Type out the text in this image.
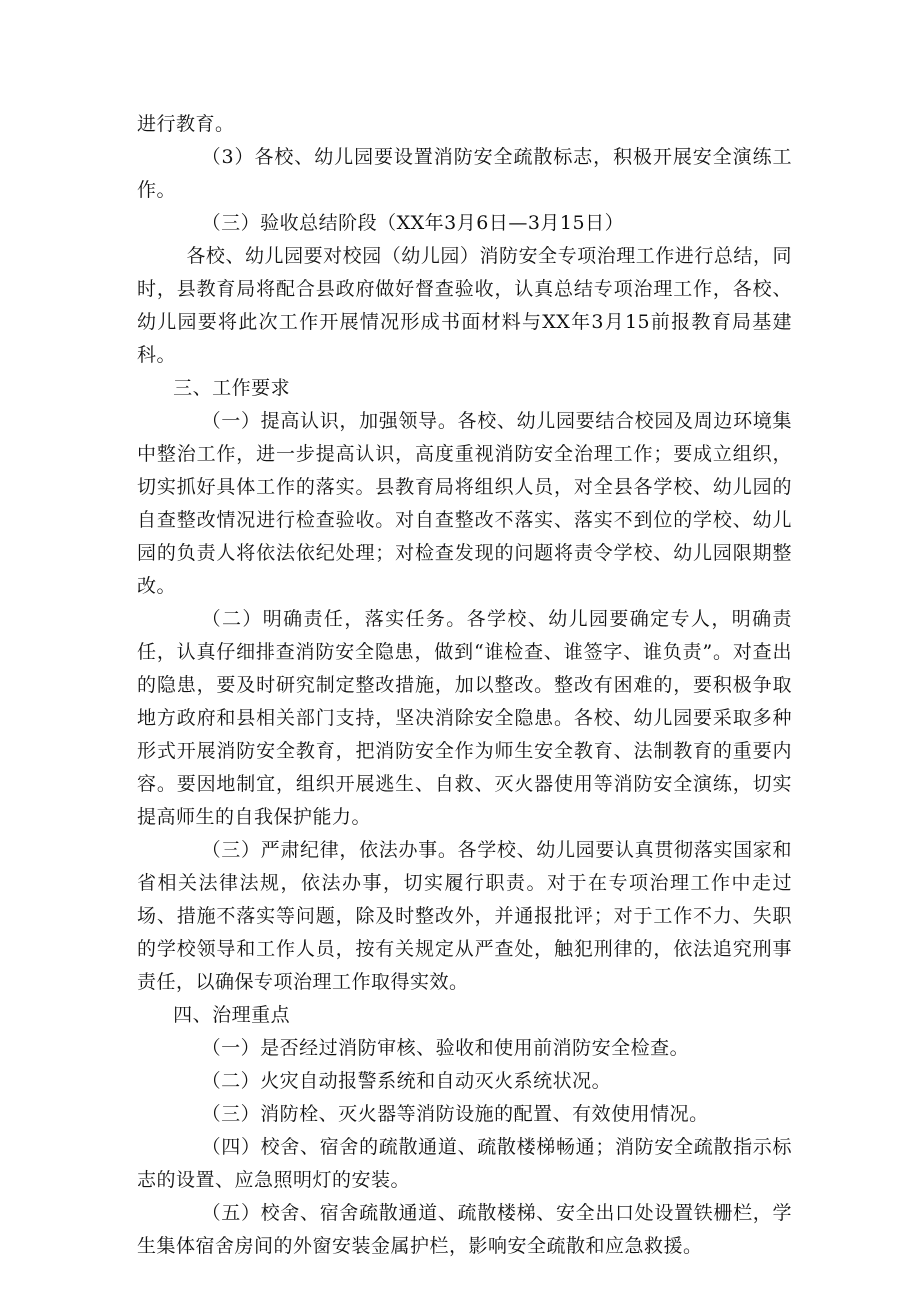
进行教育。

（3）各校、幼儿园要设置消防安全疏散标志，积极开展安全演练工作。

（三）验收总结阶段（XX年3月6日—3月15日）

各校、幼儿园要对校园（幼儿园）消防安全专项治理工作进行总结，同时，县教育局将配合县政府做好督查验收，认真总结专项治理工作，各校、幼儿园要将此次工作开展情况形成书面材料与XX年3月15前报教育局基建科。

三、工作要求

（一）提高认识，加强领导。各校、幼儿园要结合校园及周边环境集中整治工作，进一步提高认识，高度重视消防安全治理工作；要成立组织，切实抓好具体工作的落实。县教育局将组织人员，对全县各学校、幼儿园的自查整改情况进行检查验收。对自查整改不落实、落实不到位的学校、幼儿园的负责人将依法依纪处理；对检查发现的问题将责令学校、幼儿园限期整改。

（二）明确责任，落实任务。各学校、幼儿园要确定专人，明确责任，认真仔细排查消防安全隐患，做到“谁检查、谁签字、谁负责”。对查出的隐患，要及时研究制定整改措施，加以整改。整改有困难的，要积极争取地方政府和县相关部门支持，坚决消除安全隐患。各校、幼儿园要采取多种形式开展消防安全教育，把消防安全作为师生安全教育、法制教育的重要内容。要因地制宜，组织开展逃生、自救、灭火器使用等消防安全演练，切实提高师生的自我保护能力。

（三）严肃纪律，依法办事。各学校、幼儿园要认真贯彻落实国家和省相关法律法规，依法办事，切实履行职责。对于在专项治理工作中走过场、措施不落实等问题，除及时整改外，并通报批评；对于工作不力、失职的学校领导和工作人员，按有关规定从严查处，触犯刑律的，依法追究刑事责任，以确保专项治理工作取得实效。

四、治理重点

（一）是否经过消防审核、验收和使用前消防安全检查。

（二）火灾自动报警系统和自动灭火系统状况。

（三）消防栓、灭火器等消防设施的配置、有效使用情况。

（四）校舍、宿舍的疏散通道、疏散楼梯畅通；消防安全疏散指示标志的设置、应急照明灯的安装。

（五）校舍、宿舍疏散通道、疏散楼梯、安全出口处设置铁栅栏，学生集体宿舍房间的外窗安装金属护栏，影响安全疏散和应急救援。
